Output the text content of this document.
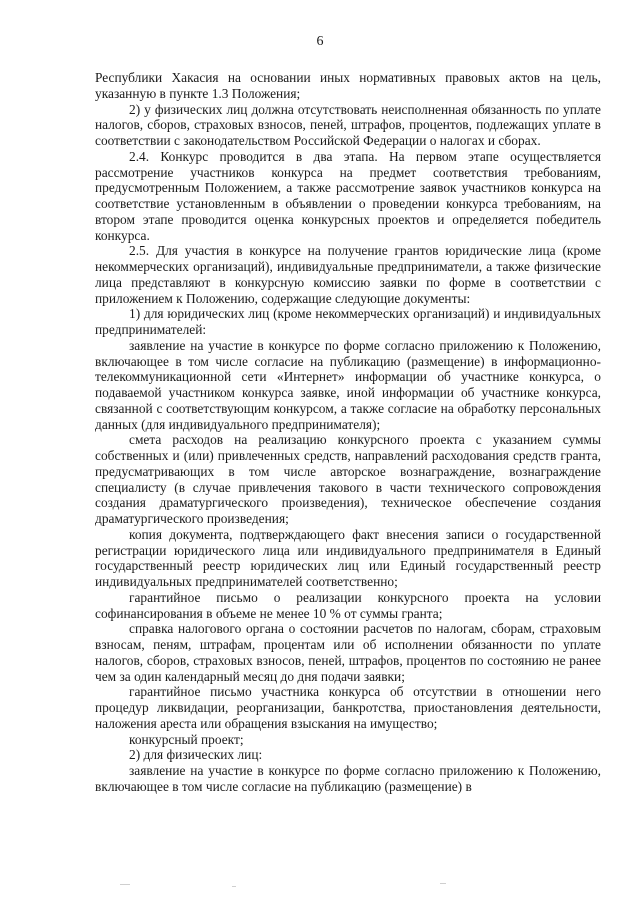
6

Республики Хакасия на основании иных нормативных правовых актов на цель, указанную в пункте 1.3 Положения;

2) у физических лиц должна отсутствовать неисполненная обязанность по уплате налогов, сборов, страховых взносов, пеней, штрафов, процентов, подлежащих уплате в соответствии с законодательством Российской Федерации о налогах и сборах.

2.4. Конкурс проводится в два этапа. На первом этапе осуществляется рассмотрение участников конкурса на предмет соответствия требованиям, предусмотренным Положением, а также рассмотрение заявок участников конкурса на соответствие установленным в объявлении о проведении конкурса требованиям, на втором этапе проводится оценка конкурсных проектов и определяется победитель конкурса.

2.5. Для участия в конкурсе на получение грантов юридические лица (кроме некоммерческих организаций), индивидуальные предприниматели, а также физические лица представляют в конкурсную комиссию заявки по форме в соответствии с приложением к Положению, содержащие следующие документы:

1) для юридических лиц (кроме некоммерческих организаций) и индивидуальных предпринимателей:

заявление на участие в конкурсе по форме согласно приложению к Положению, включающее в том числе согласие на публикацию (размещение) в информационно-телекоммуникационной сети «Интернет» информации об участнике конкурса, о подаваемой участником конкурса заявке, иной информации об участнике конкурса, связанной с соответствующим конкурсом, а также согласие на обработку персональных данных (для индивидуального предпринимателя);

смета расходов на реализацию конкурсного проекта с указанием суммы собственных и (или) привлеченных средств, направлений расходования средств гранта, предусматривающих в том числе авторское вознаграждение, вознаграждение специалисту (в случае привлечения такового в части технического сопровождения создания драматургического произведения), техническое обеспечение создания драматургического произведения;

копия документа, подтверждающего факт внесения записи о государственной регистрации юридического лица или индивидуального предпринимателя в Единый государственный реестр юридических лиц или Единый государственный реестр индивидуальных предпринимателей соответственно;

гарантийное письмо о реализации конкурсного проекта на условии софинансирования в объеме не менее 10 % от суммы гранта;

справка налогового органа о состоянии расчетов по налогам, сборам, страховым взносам, пеням, штрафам, процентам или об исполнении обязанности по уплате налогов, сборов, страховых взносов, пеней, штрафов, процентов по состоянию не ранее чем за один календарный месяц до дня подачи заявки;

гарантийное письмо участника конкурса об отсутствии в отношении него процедур ликвидации, реорганизации, банкротства, приостановления деятельности, наложения ареста или обращения взыскания на имущество;

конкурсный проект;

2) для физических лиц:

заявление на участие в конкурсе по форме согласно приложению к Положению, включающее в том числе согласие на публикацию (размещение) в
